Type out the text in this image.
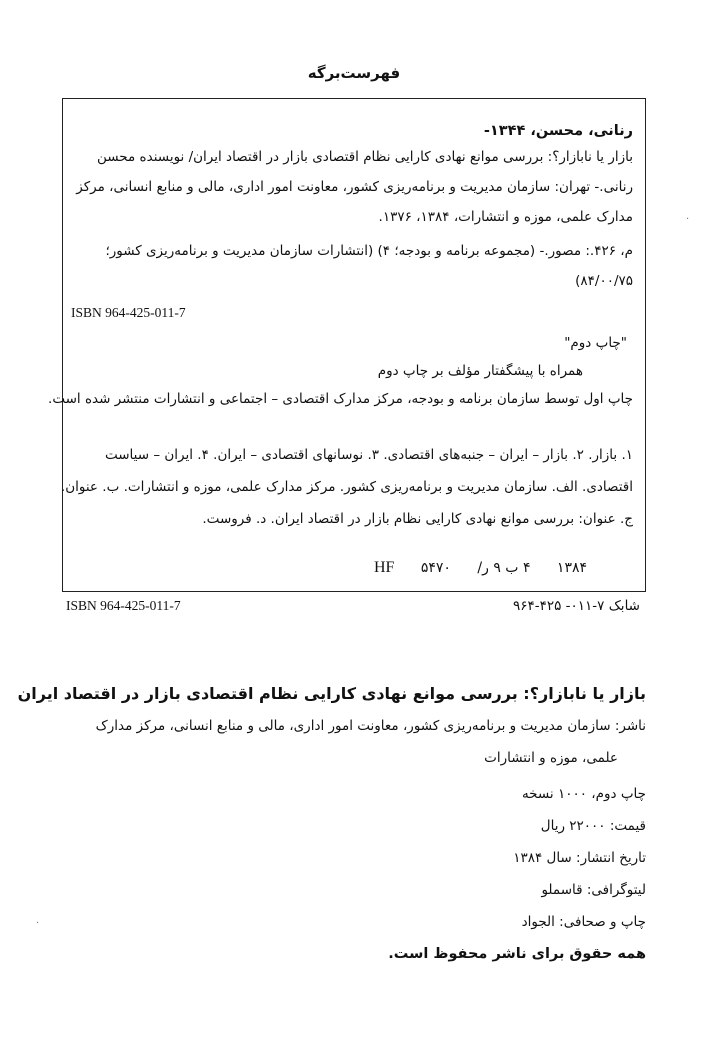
فهرست‌برگه
رنانی، محسن، ۱۳۴۴-
بازار یا نابازار؟: بررسی موانع نهادی کارایی نظام اقتصادی بازار در اقتصاد ایران/ نویسنده محسن
رنانی.- تهران: سازمان مدیریت و برنامه‌ریزی کشور، معاونت امور اداری، مالی و منابع انسانی، مرکز
مدارک علمی، موزه و انتشارات، ۱۳۸۴، ۱۳۷۶.
م، ۴۲۶.: مصور.- (مجموعه برنامه و بودجه؛ ۴) (انتشارات سازمان مدیریت و برنامه‌ریزی کشور؛
۸۴/۰۰/۷۵)
ISBN 964-425-011-7
"چاپ دوم"
همراه با پیشگفتار مؤلف بر چاپ دوم
چاپ اول توسط سازمان برنامه و بودجه، مرکز مدارک اقتصادی – اجتماعی و انتشارات منتشر شده است.
۱. بازار. ۲. بازار – ایران – جنبه‌های اقتصادی. ۳. نوسانهای اقتصادی – ایران. ۴. ایران – سیاست
اقتصادی. الف. سازمان مدیریت و برنامه‌ریزی کشور. مرکز مدارک علمی، موزه و انتشارات. ب. عنوان.
ج. عنوان: بررسی موانع نهادی کارایی نظام بازار در اقتصاد ایران. د. فروست.
۱۳۸۴ ۴ ب ۹ ر/ ۵۴۷۰ HF
ISBN 964-425-011-7	شابک ۷-۰۱۱- ۴۲۵-۹۶۴
بازار یا نابازار؟: بررسی موانع نهادی کارایی نظام اقتصادی بازار در اقتصاد ایران
ناشر: سازمان مدیریت و برنامه‌ریزی کشور، معاونت امور اداری، مالی و منابع انسانی، مرکز مدارک
علمی، موزه و انتشارات
چاپ دوم، ۱۰۰۰ نسخه
قیمت: ۲۲۰۰۰ ریال
تاریخ انتشار: سال ۱۳۸۴
لیتوگرافی: قاسملو
چاپ و صحافی: الجواد
همه حقوق برای ناشر محفوظ است.
·
·
